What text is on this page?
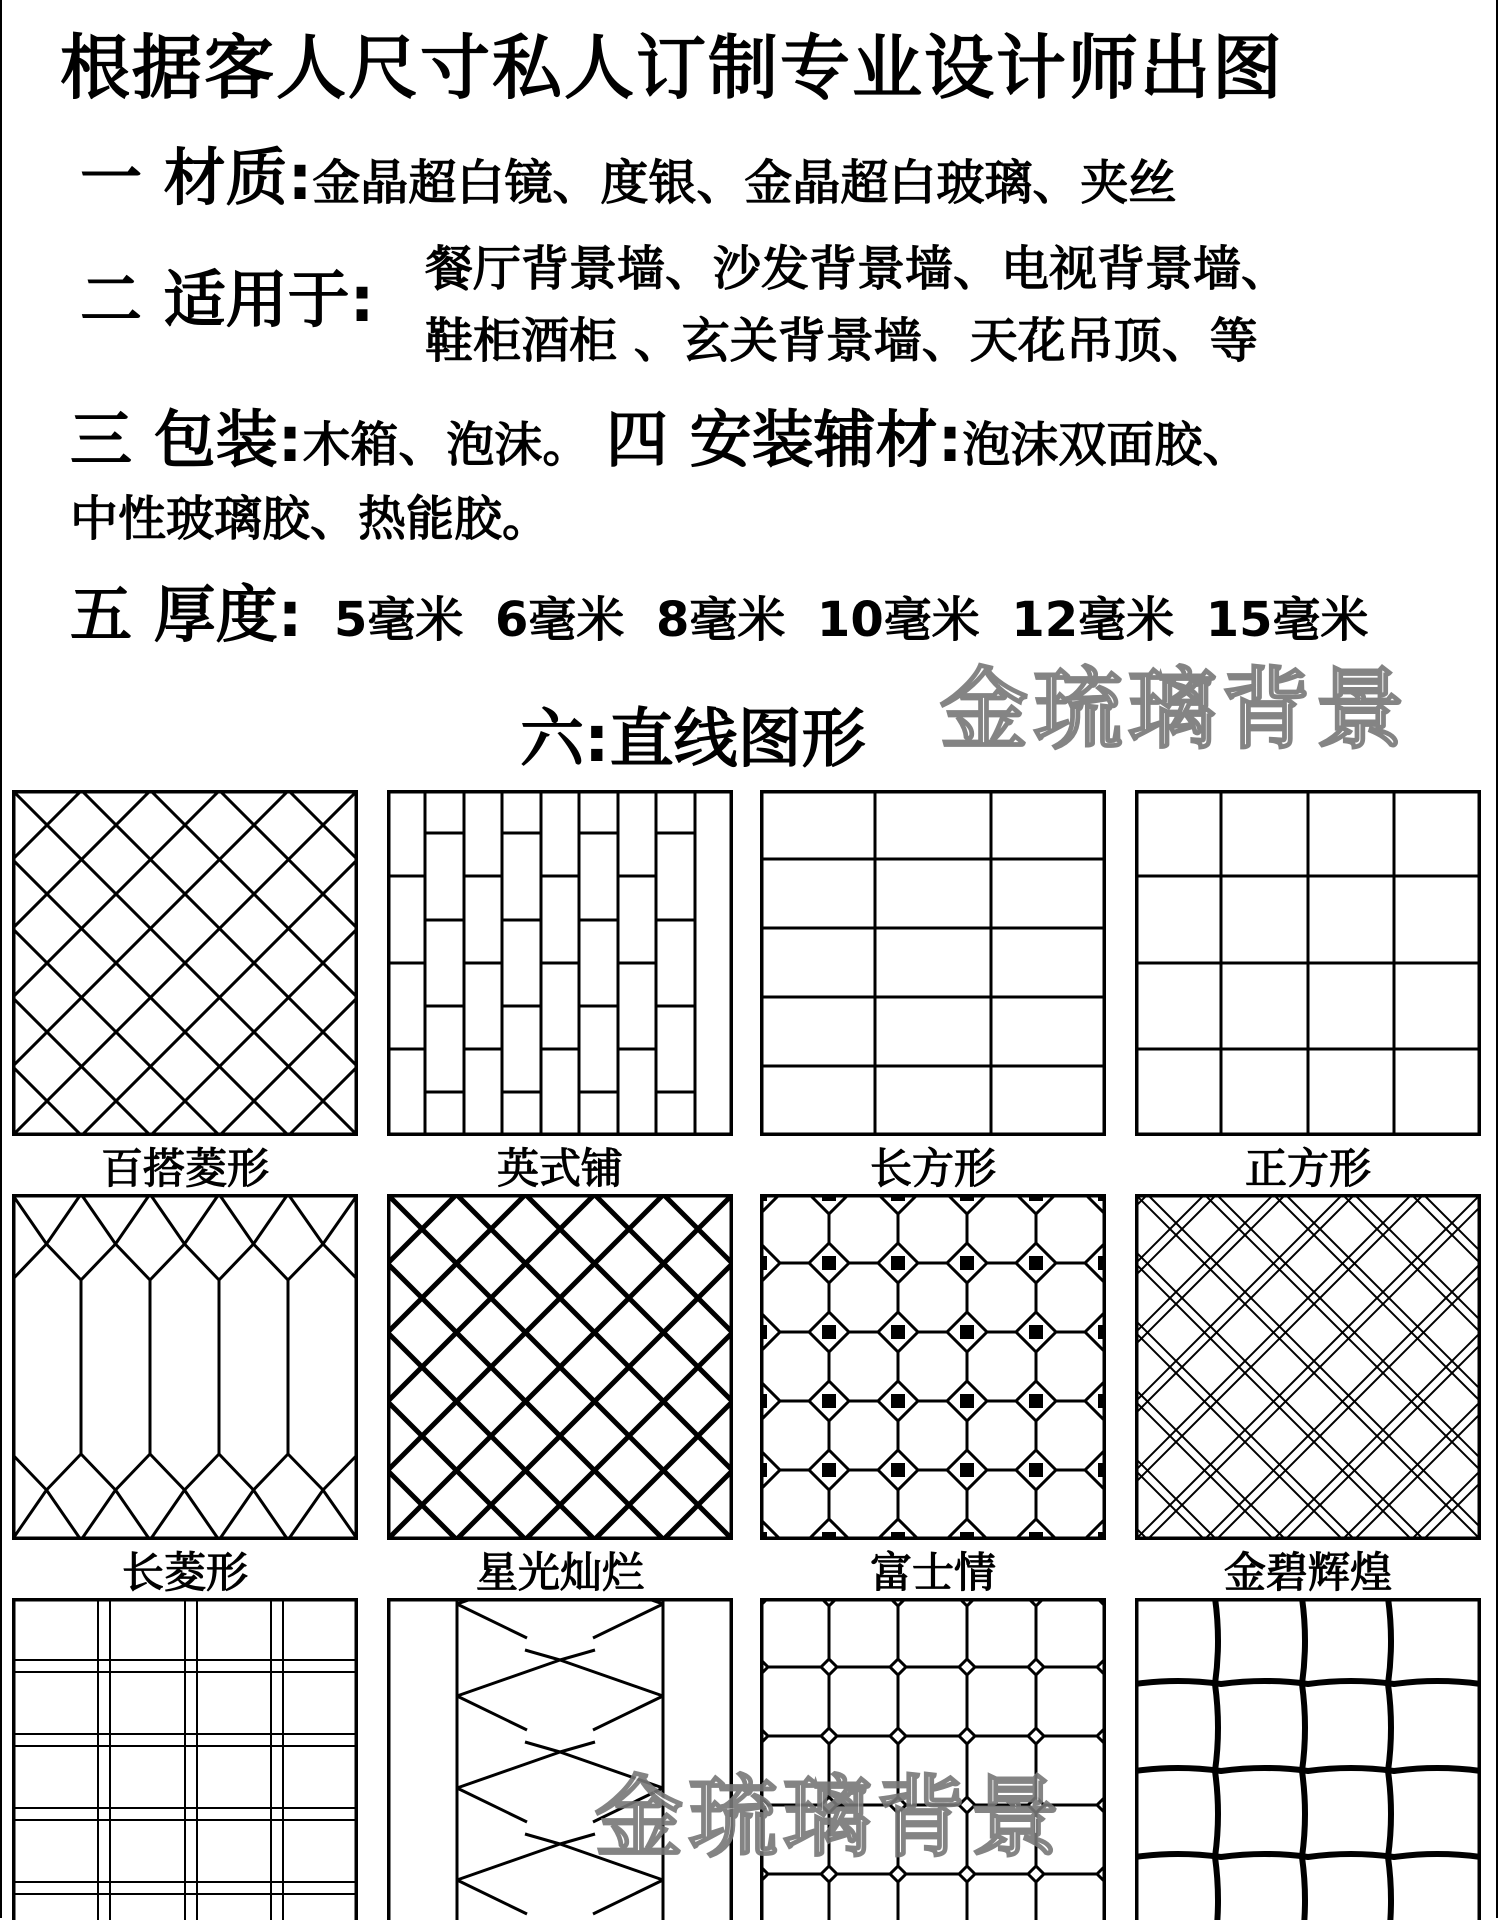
根据客人尺寸私人订制专业设计师出图
一 材质:金晶超白镜、度银、金晶超白玻璃、夹丝
二 适用于: 餐厅背景墙、沙发背景墙、电视背景墙、
鞋柜酒柜 、玄关背景墙、天花吊顶、等
三 包装:木箱、泡沫。 四 安装辅材:泡沫双面胶、
中性玻璃胶、热能胶。
五 厚度: 5毫米 6毫米 8毫米 10毫米 12毫米 15毫米
六:直线图形 金琉璃背景
百搭菱形	英式铺	长方形	正方形
长菱形	星光灿烂	富士情	金碧辉煌
金琉璃背景
